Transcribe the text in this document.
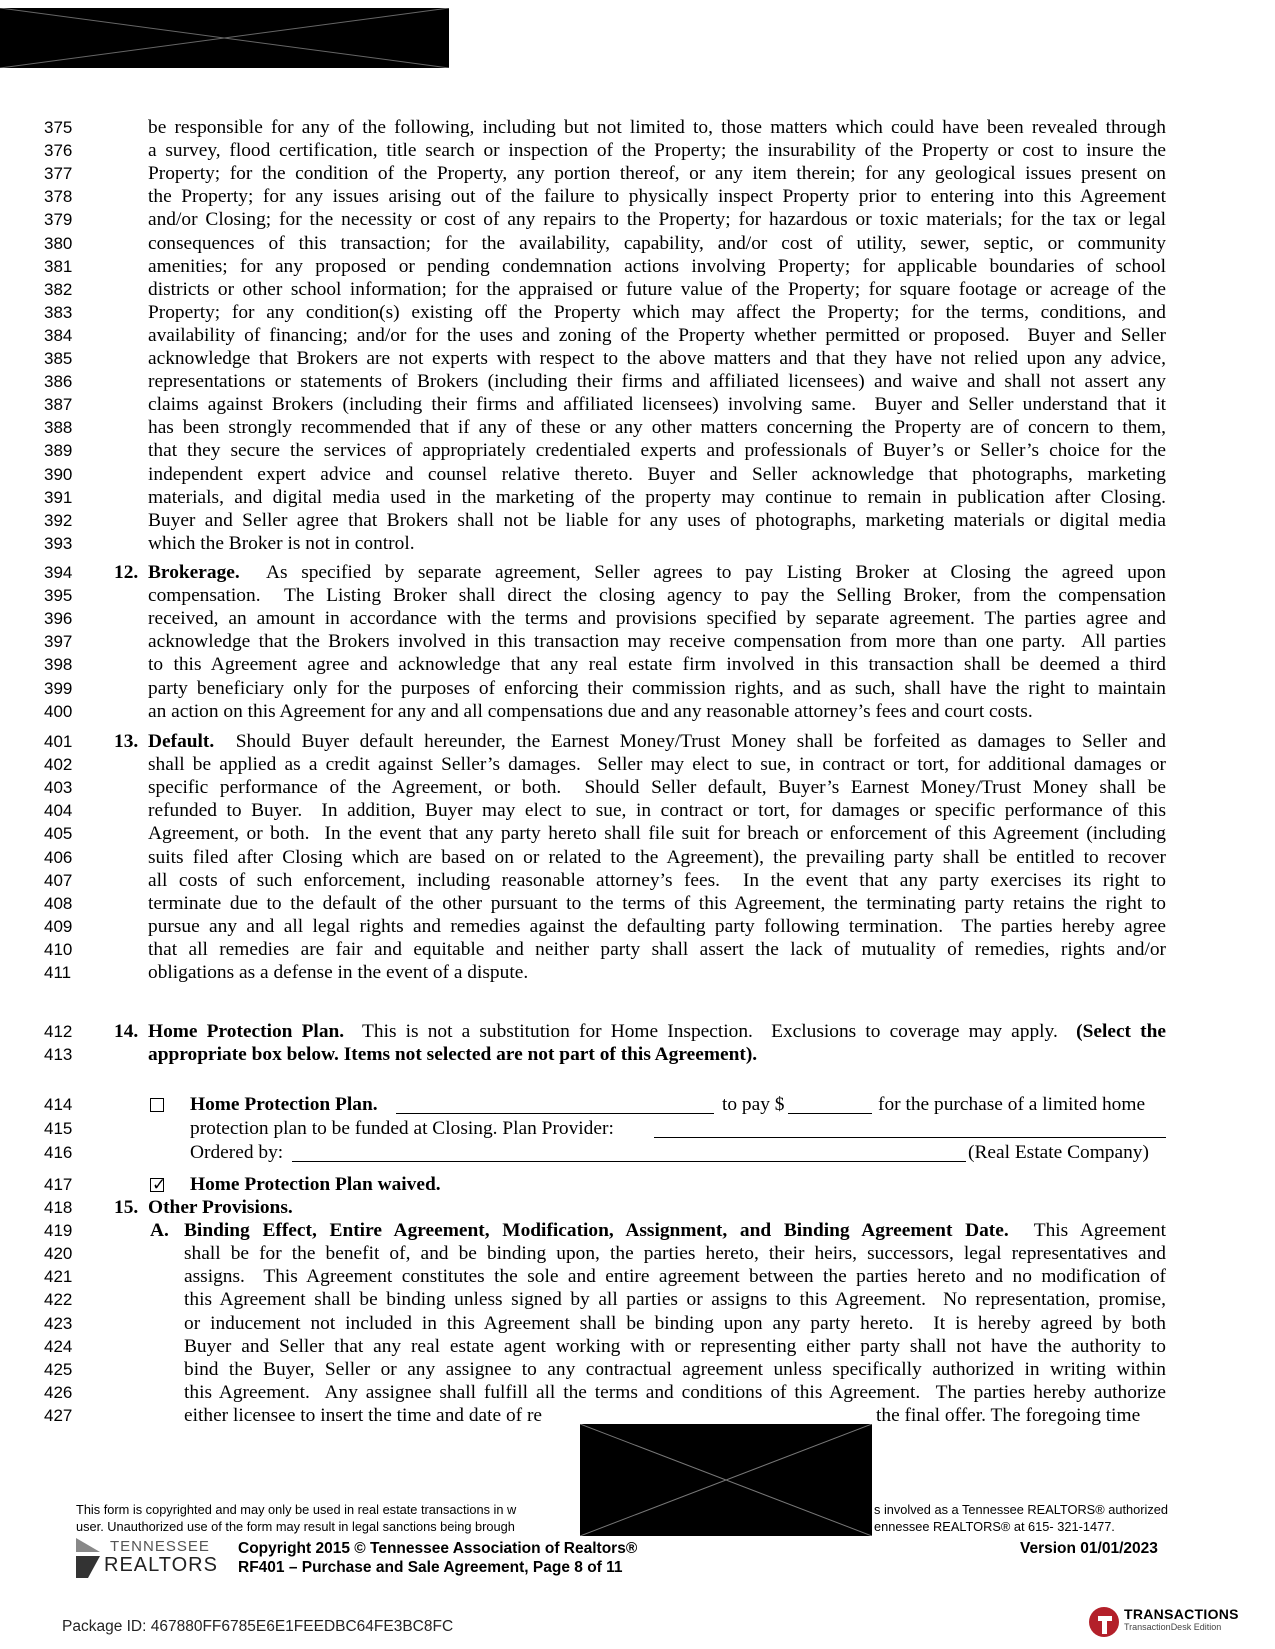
375	be responsible for any of the following, including but not limited to, those matters which could have been revealed through
376	a survey, flood certification, title search or inspection of the Property; the insurability of the Property or cost to insure the
377	Property; for the condition of the Property, any portion thereof, or any item therein; for any geological issues present on
378	the Property; for any issues arising out of the failure to physically inspect Property prior to entering into this Agreement
379	and/or Closing; for the necessity or cost of any repairs to the Property; for hazardous or toxic materials; for the tax or legal
380	consequences of this transaction; for the availability, capability, and/or cost of utility, sewer, septic, or community
381	amenities; for any proposed or pending condemnation actions involving Property; for applicable boundaries of school
382	districts or other school information; for the appraised or future value of the Property; for square footage or acreage of the
383	Property; for any condition(s) existing off the Property which may affect the Property; for the terms, conditions, and
384	availability of financing; and/or for the uses and zoning of the Property whether permitted or proposed.  Buyer and Seller
385	acknowledge that Brokers are not experts with respect to the above matters and that they have not relied upon any advice,
386	representations or statements of Brokers (including their firms and affiliated licensees) and waive and shall not assert any
387	claims against Brokers (including their firms and affiliated licensees) involving same.  Buyer and Seller understand that it
388	has been strongly recommended that if any of these or any other matters concerning the Property are of concern to them,
389	that they secure the services of appropriately credentialed experts and professionals of Buyer’s or Seller’s choice for the
390	independent expert advice and counsel relative thereto. Buyer and Seller acknowledge that photographs, marketing
391	materials, and digital media used in the marketing of the property may continue to remain in publication after Closing.
392	Buyer and Seller agree that Brokers shall not be liable for any uses of photographs, marketing materials or digital media
393	which the Broker is not in control.
394	12. Brokerage.  As specified by separate agreement, Seller agrees to pay Listing Broker at Closing the agreed upon
395	compensation.  The Listing Broker shall direct the closing agency to pay the Selling Broker, from the compensation
396	received, an amount in accordance with the terms and provisions specified by separate agreement. The parties agree and
397	acknowledge that the Brokers involved in this transaction may receive compensation from more than one party.  All parties
398	to this Agreement agree and acknowledge that any real estate firm involved in this transaction shall be deemed a third
399	party beneficiary only for the purposes of enforcing their commission rights, and as such, shall have the right to maintain
400	an action on this Agreement for any and all compensations due and any reasonable attorney’s fees and court costs.
401	13. Default.  Should Buyer default hereunder, the Earnest Money/Trust Money shall be forfeited as damages to Seller and
402	shall be applied as a credit against Seller’s damages.  Seller may elect to sue, in contract or tort, for additional damages or
403	specific performance of the Agreement, or both.  Should Seller default, Buyer’s Earnest Money/Trust Money shall be
404	refunded to Buyer.  In addition, Buyer may elect to sue, in contract or tort, for damages or specific performance of this
405	Agreement, or both.  In the event that any party hereto shall file suit for breach or enforcement of this Agreement (including
406	suits filed after Closing which are based on or related to the Agreement), the prevailing party shall be entitled to recover
407	all costs of such enforcement, including reasonable attorney’s fees.  In the event that any party exercises its right to
408	terminate due to the default of the other pursuant to the terms of this Agreement, the terminating party retains the right to
409	pursue any and all legal rights and remedies against the defaulting party following termination.  The parties hereby agree
410	that all remedies are fair and equitable and neither party shall assert the lack of mutuality of remedies, rights and/or
411	obligations as a defense in the event of a dispute.
412	14. Home Protection Plan.  This is not a substitution for Home Inspection.  Exclusions to coverage may apply.  (Select the
413	appropriate box below. Items not selected are not part of this Agreement).
418	15. Other Provisions.
419	A. Binding Effect, Entire Agreement, Modification, Assignment, and Binding Agreement Date.  This Agreement
420	shall be for the benefit of, and be binding upon, the parties hereto, their heirs, successors, legal representatives and
421	assigns.  This Agreement constitutes the sole and entire agreement between the parties hereto and no modification of
422	this Agreement shall be binding unless signed by all parties or assigns to this Agreement.  No representation, promise,
423	or inducement not included in this Agreement shall be binding upon any party hereto.  It is hereby agreed by both
424	Buyer and Seller that any real estate agent working with or representing either party shall not have the authority to
425	bind the Buyer, Seller or any assignee to any contractual agreement unless specifically authorized in writing within
426	this Agreement.  Any assignee shall fulfill all the terms and conditions of this Agreement.  The parties hereby authorize
427	either licensee to insert the time and date of re	the final offer. The foregoing time
414	Home Protection Plan.	to pay $	for the purchase of a limited home
415	protection plan to be funded at Closing. Plan Provider:
416	Ordered by:	(Real Estate Company)
417	✓ Home Protection Plan waived.
This form is copyrighted and may only be used in real estate transactions in w	s involved as a Tennessee REALTORS® authorized
user. Unauthorized use of the form may result in legal sanctions being brough	ennessee REALTORS® at 615- 321-1477.
TENNESSEE
REALTORS
Copyright 2015 © Tennessee Association of Realtors®
RF401 – Purchase and Sale Agreement, Page 8 of 11
Version 01/01/2023
Package ID: 467880FF6785E6E1FEEDBC64FE3BC8FC
TRANSACTIONS
TransactionDesk Edition
